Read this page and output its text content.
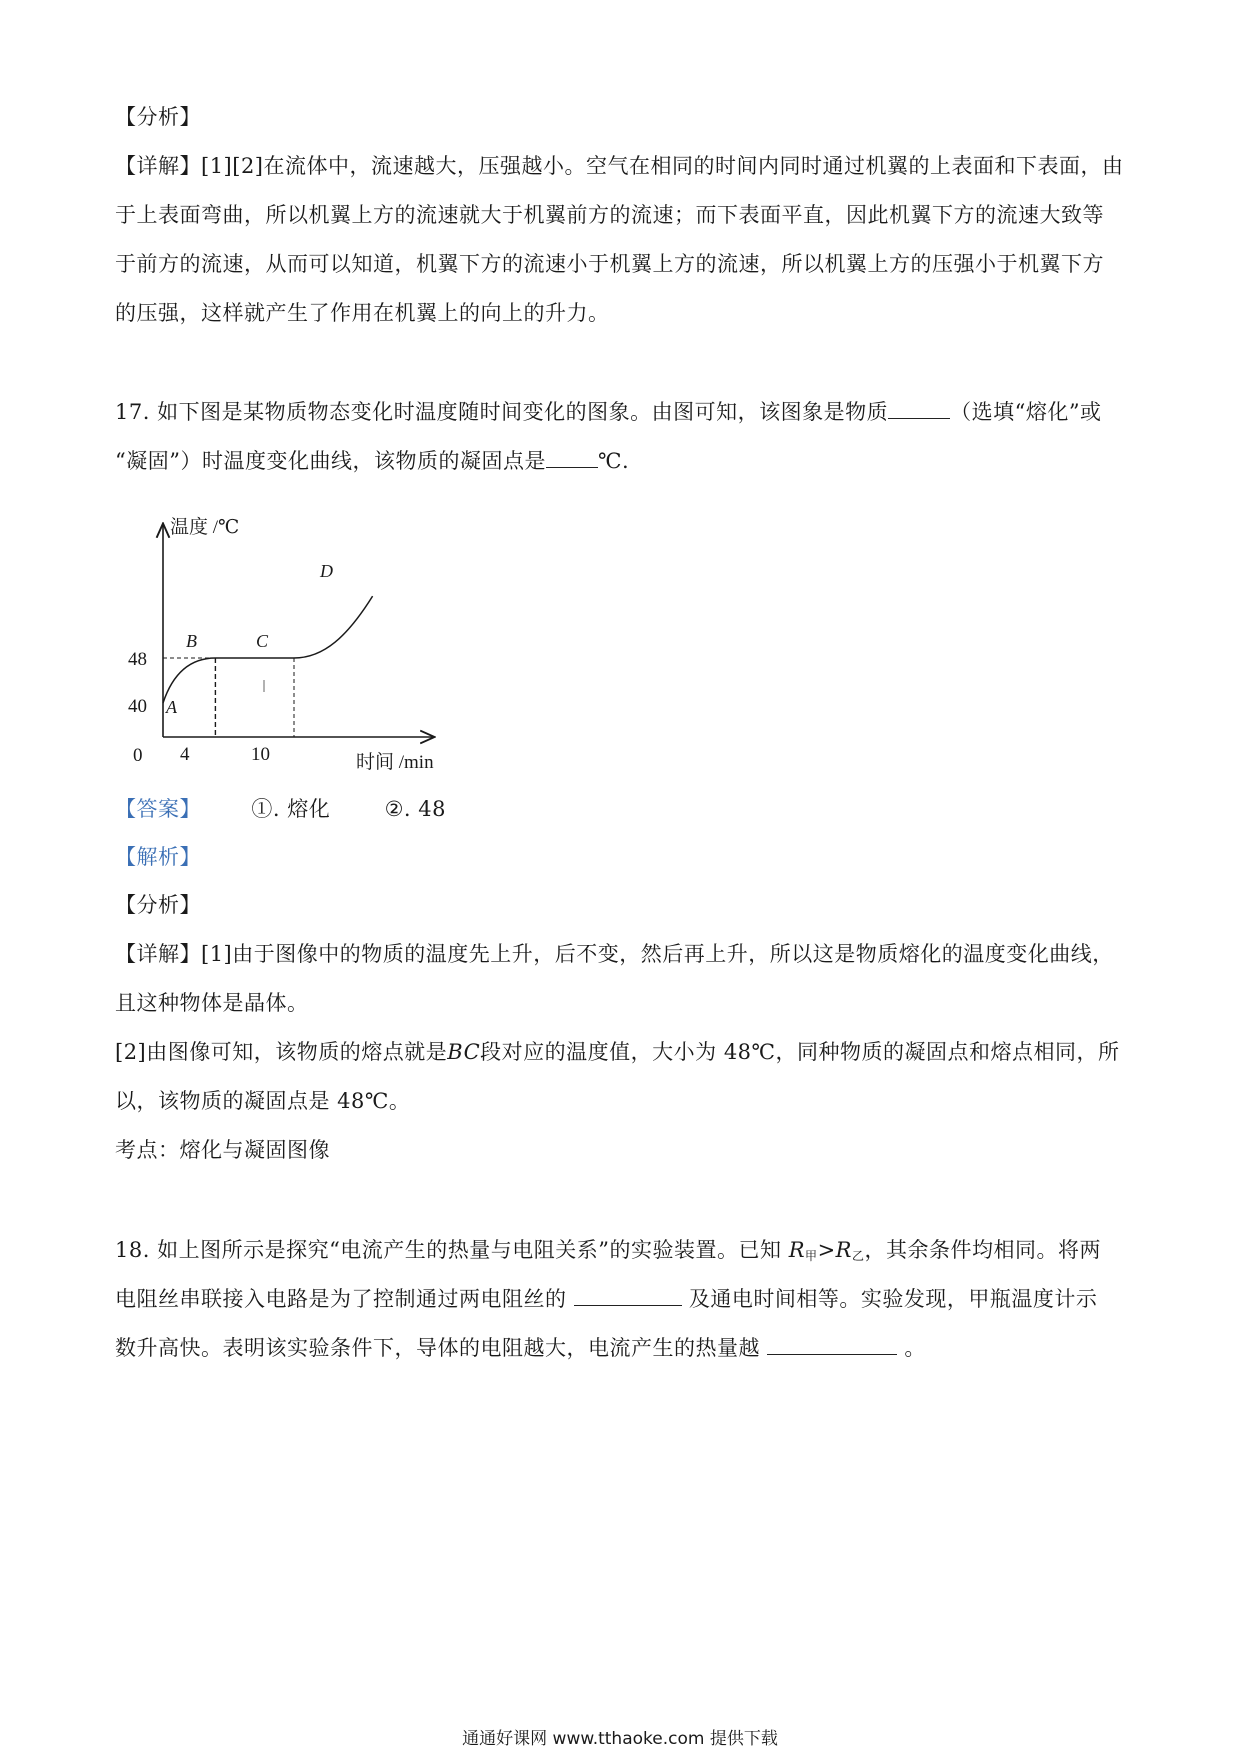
【分析】
【详解】[1][2]在流体中，流速越大，压强越小。空气在相同的时间内同时通过机翼的上表面和下表面，由
于上表面弯曲，所以机翼上方的流速就大于机翼前方的流速；而下表面平直，因此机翼下方的流速大致等
于前方的流速，从而可以知道，机翼下方的流速小于机翼上方的流速，所以机翼上方的压强小于机翼下方
的压强，这样就产生了作用在机翼上的向上的升力。
17. 如下图是某物质物态变化时温度随时间变化的图象。由图可知，该图象是物质	（选填“熔化”或
“凝固”）时温度变化曲线，该物质的凝固点是 ℃.
温度 /℃
时间 /min
48
40
0 4	10
A
B	C
D
【答案】 ①. 熔化	②. 48
【解析】
【分析】
【详解】[1]由于图像中的物质的温度先上升，后不变，然后再上升，所以这是物质熔化的温度变化曲线，
且这种物体是晶体。
[2]由图像可知，该物质的熔点就是BC段对应的温度值，大小为 48℃，同种物质的凝固点和熔点相同，所
以，该物质的凝固点是 48℃。
考点：熔化与凝固图像
18. 如上图所示是探究“电流产生的热量与电阻关系”的实验装置。已知 $R_甲>R_乙$，其余条件均相同。将两
电阻丝串联接入电路是为了控制通过两电阻丝的	及通电时间相等。实验发现，甲瓶温度计示
数升高快。表明该实验条件下，导体的电阻越大，电流产生的热量越	。
通通好课网 www.tthaoke.com 提供下载
